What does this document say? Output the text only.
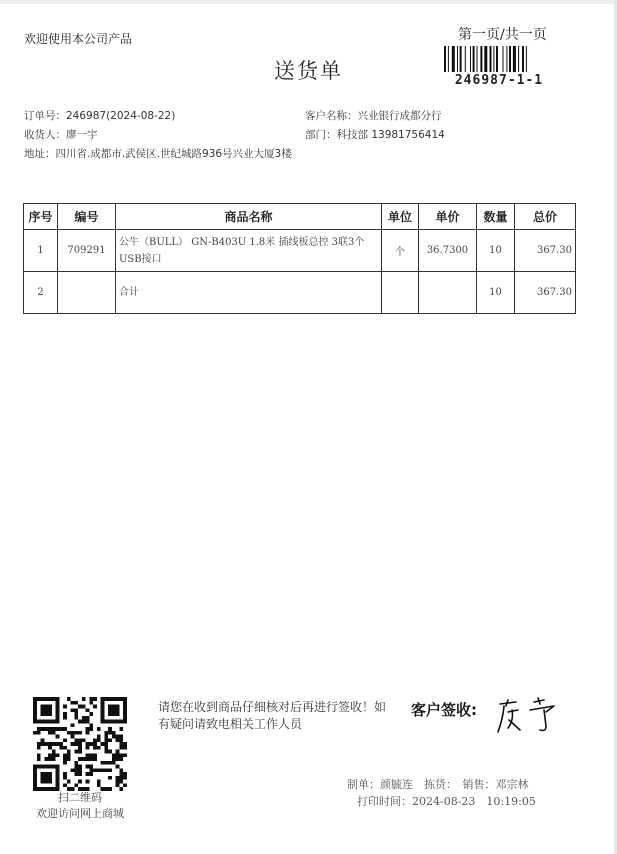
欢迎使用本公司产品	第一页/共一页
送货单	246987-1-1
订单号：246987(2024-08-22)	客户名称：兴业银行成都分行
收货人：廖一宇	部门：科技部 13981756414
地址：四川省.成都市.武侯区.世纪城路936号兴业大厦3楼
序号	编号	商品名称	单位	单价	数量	总价
1	709291	公牛（BULL） GN-B403U 1.8米 插线板总控 3联3个USB接口	个	36.7300	10	367.30
2		合计			10	367.30
扫二维码
欢迎访问网上商城
请您在收到商品仔细核对后再进行签收！如有疑问请致电相关工作人员
客户签收:
制单：颜毓连　拣货：　销售：邓宗林
打印时间：2024-08-23　10:19:05
